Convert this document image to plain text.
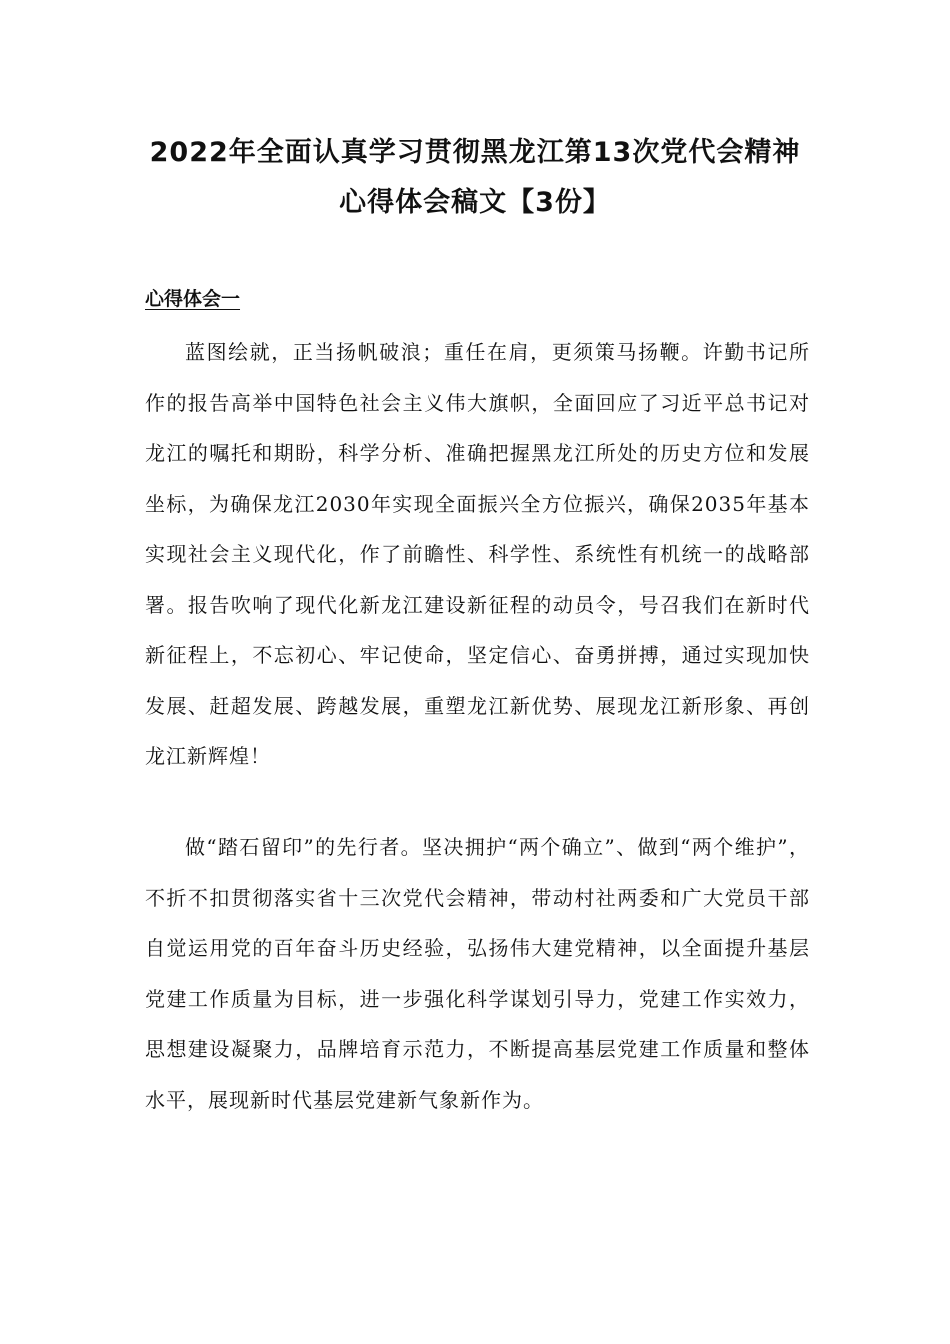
2022年全面认真学习贯彻黑龙江第13次党代会精神
心得体会稿文【3份】
心得体会一

蓝图绘就，正当扬帆破浪；重任在肩，更须策马扬鞭。许勤书记所作的报告高举中国特色社会主义伟大旗帜，全面回应了习近平总书记对龙江的嘱托和期盼，科学分析、准确把握黑龙江所处的历史方位和发展坐标，为确保龙江2030年实现全面振兴全方位振兴，确保2035年基本实现社会主义现代化，作了前瞻性、科学性、系统性有机统一的战略部署。报告吹响了现代化新龙江建设新征程的动员令，号召我们在新时代新征程上，不忘初心、牢记使命，坚定信心、奋勇拼搏，通过实现加快发展、赶超发展、跨越发展，重塑龙江新优势、展现龙江新形象、再创龙江新辉煌！

做“踏石留印”的先行者。坚决拥护“两个确立”、做到“两个维护”，不折不扣贯彻落实省十三次党代会精神，带动村社两委和广大党员干部自觉运用党的百年奋斗历史经验，弘扬伟大建党精神，以全面提升基层党建工作质量为目标，进一步强化科学谋划引导力，党建工作实效力，思想建设凝聚力，品牌培育示范力，不断提高基层党建工作质量和整体水平，展现新时代基层党建新气象新作为。
